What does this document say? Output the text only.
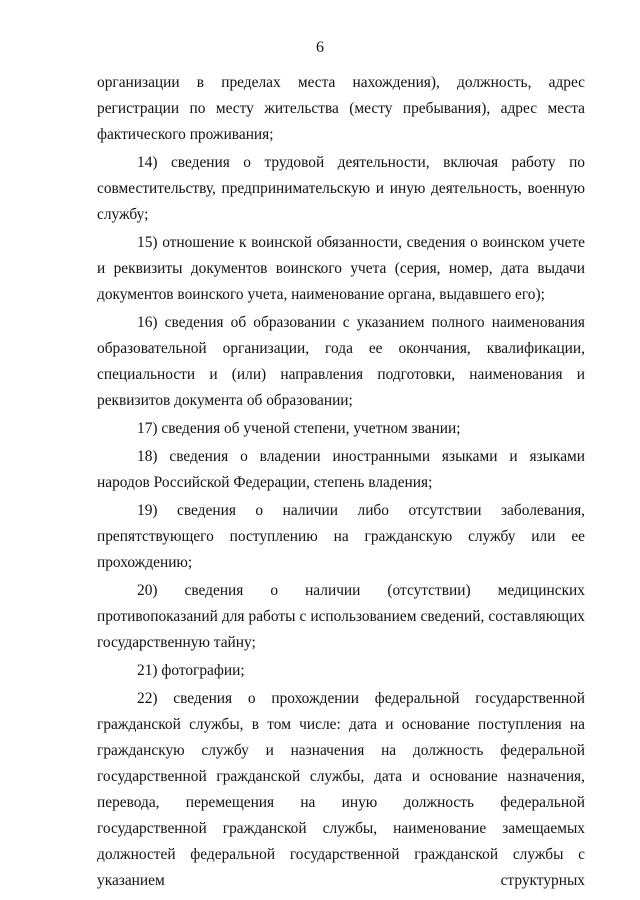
6

организации в пределах места нахождения), должность, адрес регистрации по месту жительства (месту пребывания), адрес места фактического проживания;

14) сведения о трудовой деятельности, включая работу по совместительству, предпринимательскую и иную деятельность, военную службу;

15) отношение к воинской обязанности, сведения о воинском учете и реквизиты документов воинского учета (серия, номер, дата выдачи документов воинского учета, наименование органа, выдавшего его);

16) сведения об образовании с указанием полного наименования образовательной организации, года ее окончания, квалификации, специальности и (или) направления подготовки, наименования и реквизитов документа об образовании;

17) сведения об ученой степени, учетном звании;

18) сведения о владении иностранными языками и языками народов Российской Федерации, степень владения;

19) сведения о наличии либо отсутствии заболевания, препятствующего поступлению на гражданскую службу или ее прохождению;

20) сведения о наличии (отсутствии) медицинских противопоказаний для работы с использованием сведений, составляющих государственную тайну;

21) фотографии;

22) сведения о прохождении федеральной государственной гражданской службы, в том числе: дата и основание поступления на гражданскую службу и назначения на должность федеральной государственной гражданской службы, дата и основание назначения, перевода, перемещения на иную должность федеральной государственной гражданской службы, наименование замещаемых должностей федеральной государственной гражданской службы с указанием структурных
